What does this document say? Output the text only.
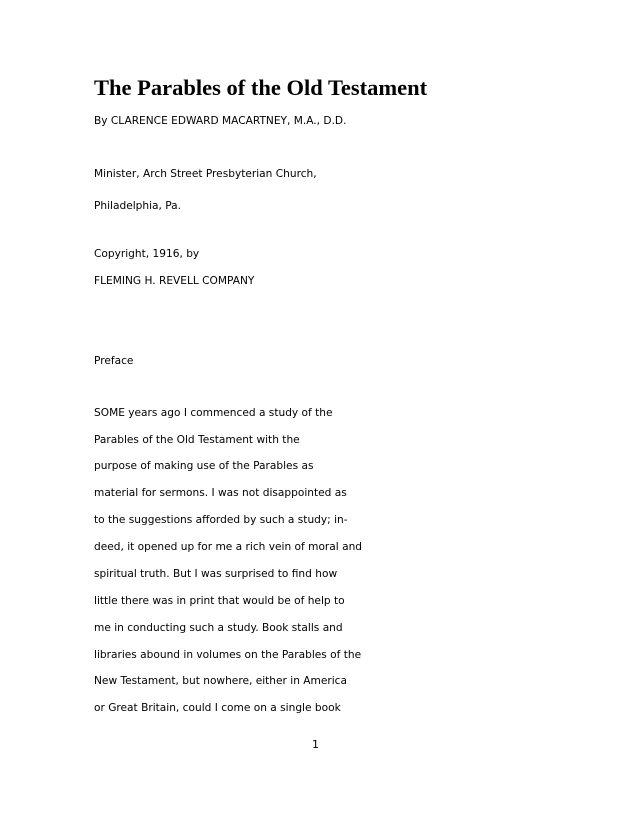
The Parables of the Old Testament

By CLARENCE EDWARD MACARTNEY, M.A., D.D.

Minister, Arch Street Presbyterian Church,

Philadelphia, Pa.

Copyright, 1916, by

FLEMING H. REVELL COMPANY

Preface

SOME years ago I commenced a study of the

Parables of the Old Testament with the

purpose of making use of the Parables as

material for sermons. I was not disappointed as

to the suggestions afforded by such a study; in-

deed, it opened up for me a rich vein of moral and

spiritual truth. But I was surprised to find how

little there was in print that would be of help to

me in conducting such a study. Book stalls and

libraries abound in volumes on the Parables of the

New Testament, but nowhere, either in America

or Great Britain, could I come on a single book

1
